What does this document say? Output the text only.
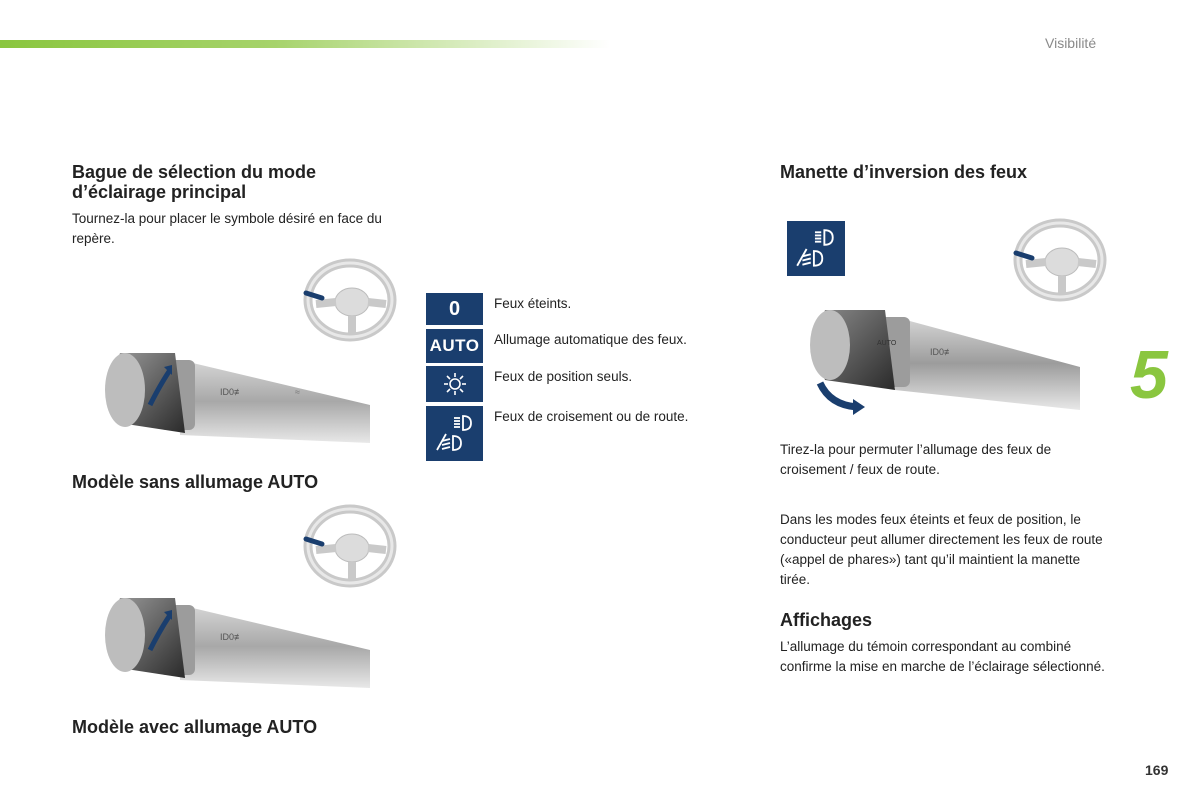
Visibilité
Bague de sélection du mode d’éclairage principal

Tournez-la pour placer le symbole désiré en face du repère.

ID0≢	≈
Modèle sans allumage AUTO
ID0≢
Modèle avec allumage AUTO
0	Feux éteints.
AUTO Allumage automatique des feux.
Feux de position seuls.
Feux de croisement ou de route.
Manette d’inversion des feux
AUTO
ID0≢

Tirez-la pour permuter l’allumage des feux de croisement / feux de route.

Dans les modes feux éteints et feux de position, le conducteur peut allumer directement les feux de route («appel de phares») tant qu’il maintient la manette tirée.

Affichages

L’allumage du témoin correspondant au combiné confirme la mise en marche de l’éclairage sélectionné.

5
169
